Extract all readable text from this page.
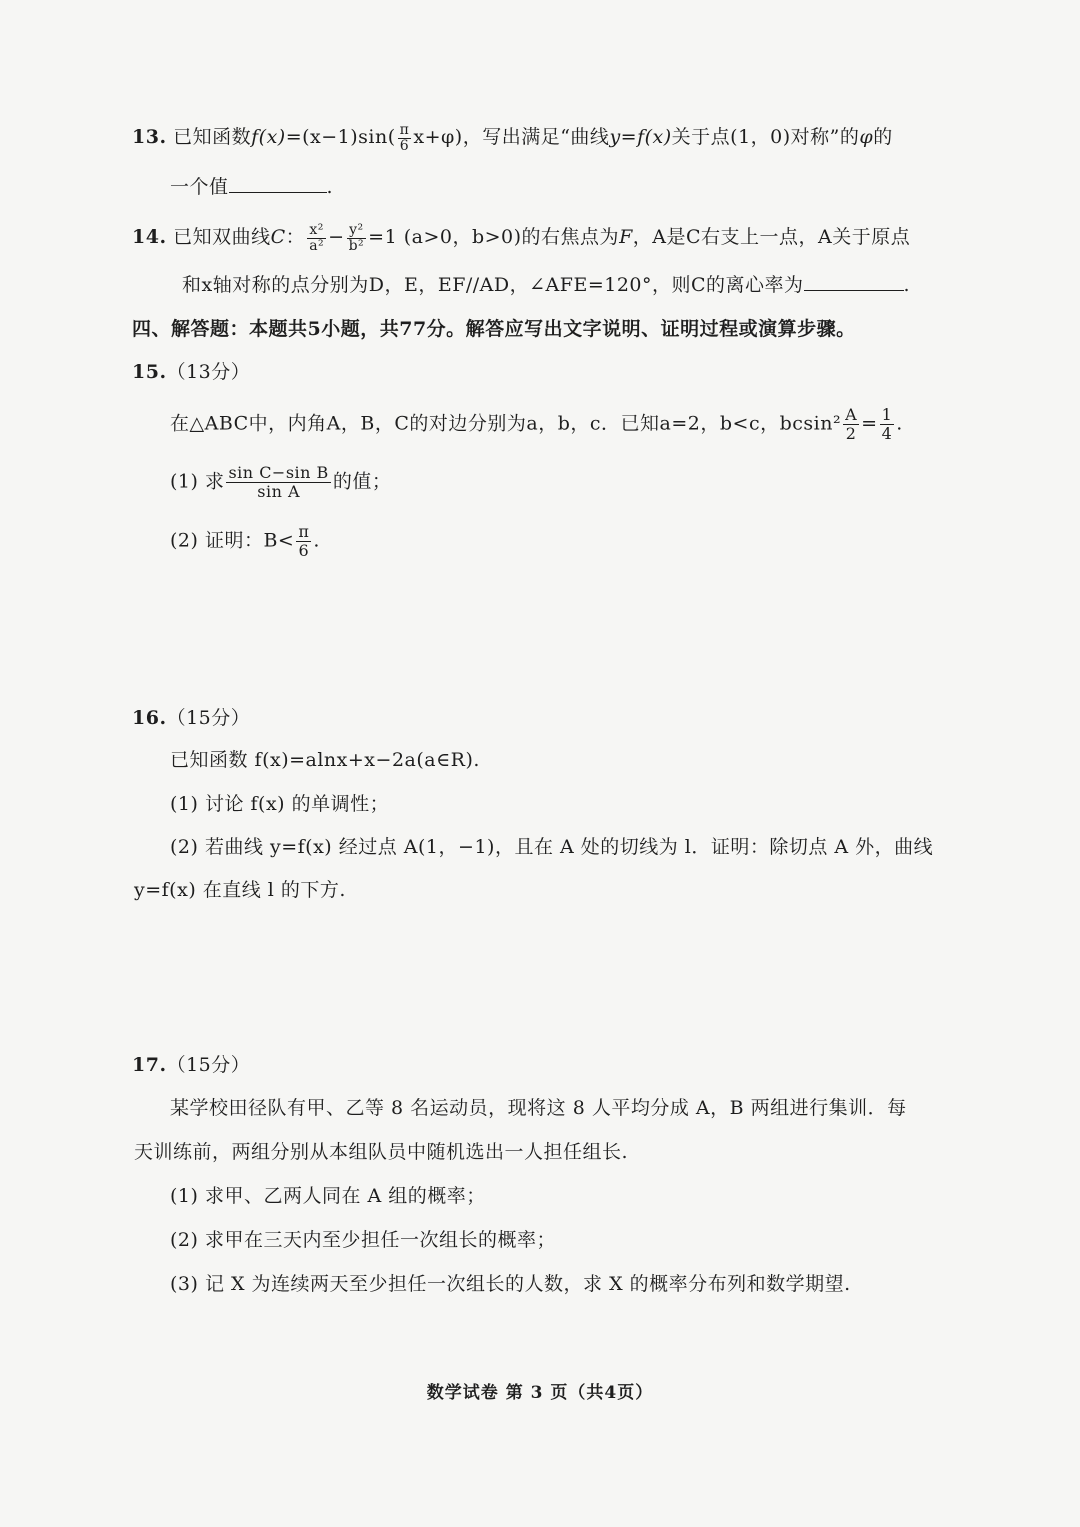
13. 已知函数$f(x)=(x-1)\sin( \frac{\pi}{6} x+\varphi)$，写出满足“曲线y=f(x)关于点(1，0)对称”的φ的
一个值	.
14. 已知双曲线C： $\frac{\text{x²}}{\text{a²}} - \frac{\text{y²}}{\text{b²}} =1$ (a>0，b>0)的右焦点为F，A是C右支上一点，A关于原点
和x轴对称的点分别为D，E，EF//AD，∠AFE=120°，则C的离心率为	.
四、解答题：本题共5小题，共77分。解答应写出文字说明、证明过程或演算步骤。
15.（13分）
在△ABC中，内角A，B，C的对边分别为a，b，c．已知a=2，b<c，$bcsin^2 \frac{A}{2} = \frac{1}{4}$ .
(1) 求 $\frac{\text{sin C−sin B}}{\text{sin A}}$ 的值；
(2) 证明：$B< \frac{\pi}{6}$ .
16.（15分）
已知函数 f(x)=alnx+x−2a(a∈R).
(1) 讨论 f(x) 的单调性；
(2) 若曲线 y=f(x) 经过点 A(1，−1)，且在 A 处的切线为 l．证明：除切点 A 外，曲线
y=f(x) 在直线 l 的下方.
17.（15分）
某学校田径队有甲、乙等 8 名运动员，现将这 8 人平均分成 A，B 两组进行集训．每
天训练前，两组分别从本组队员中随机选出一人担任组长.
(1) 求甲、乙两人同在 A 组的概率；
(2) 求甲在三天内至少担任一次组长的概率；
(3) 记 X 为连续两天至少担任一次组长的人数，求 X 的概率分布列和数学期望.
数学试卷 第 3 页（共4页）
